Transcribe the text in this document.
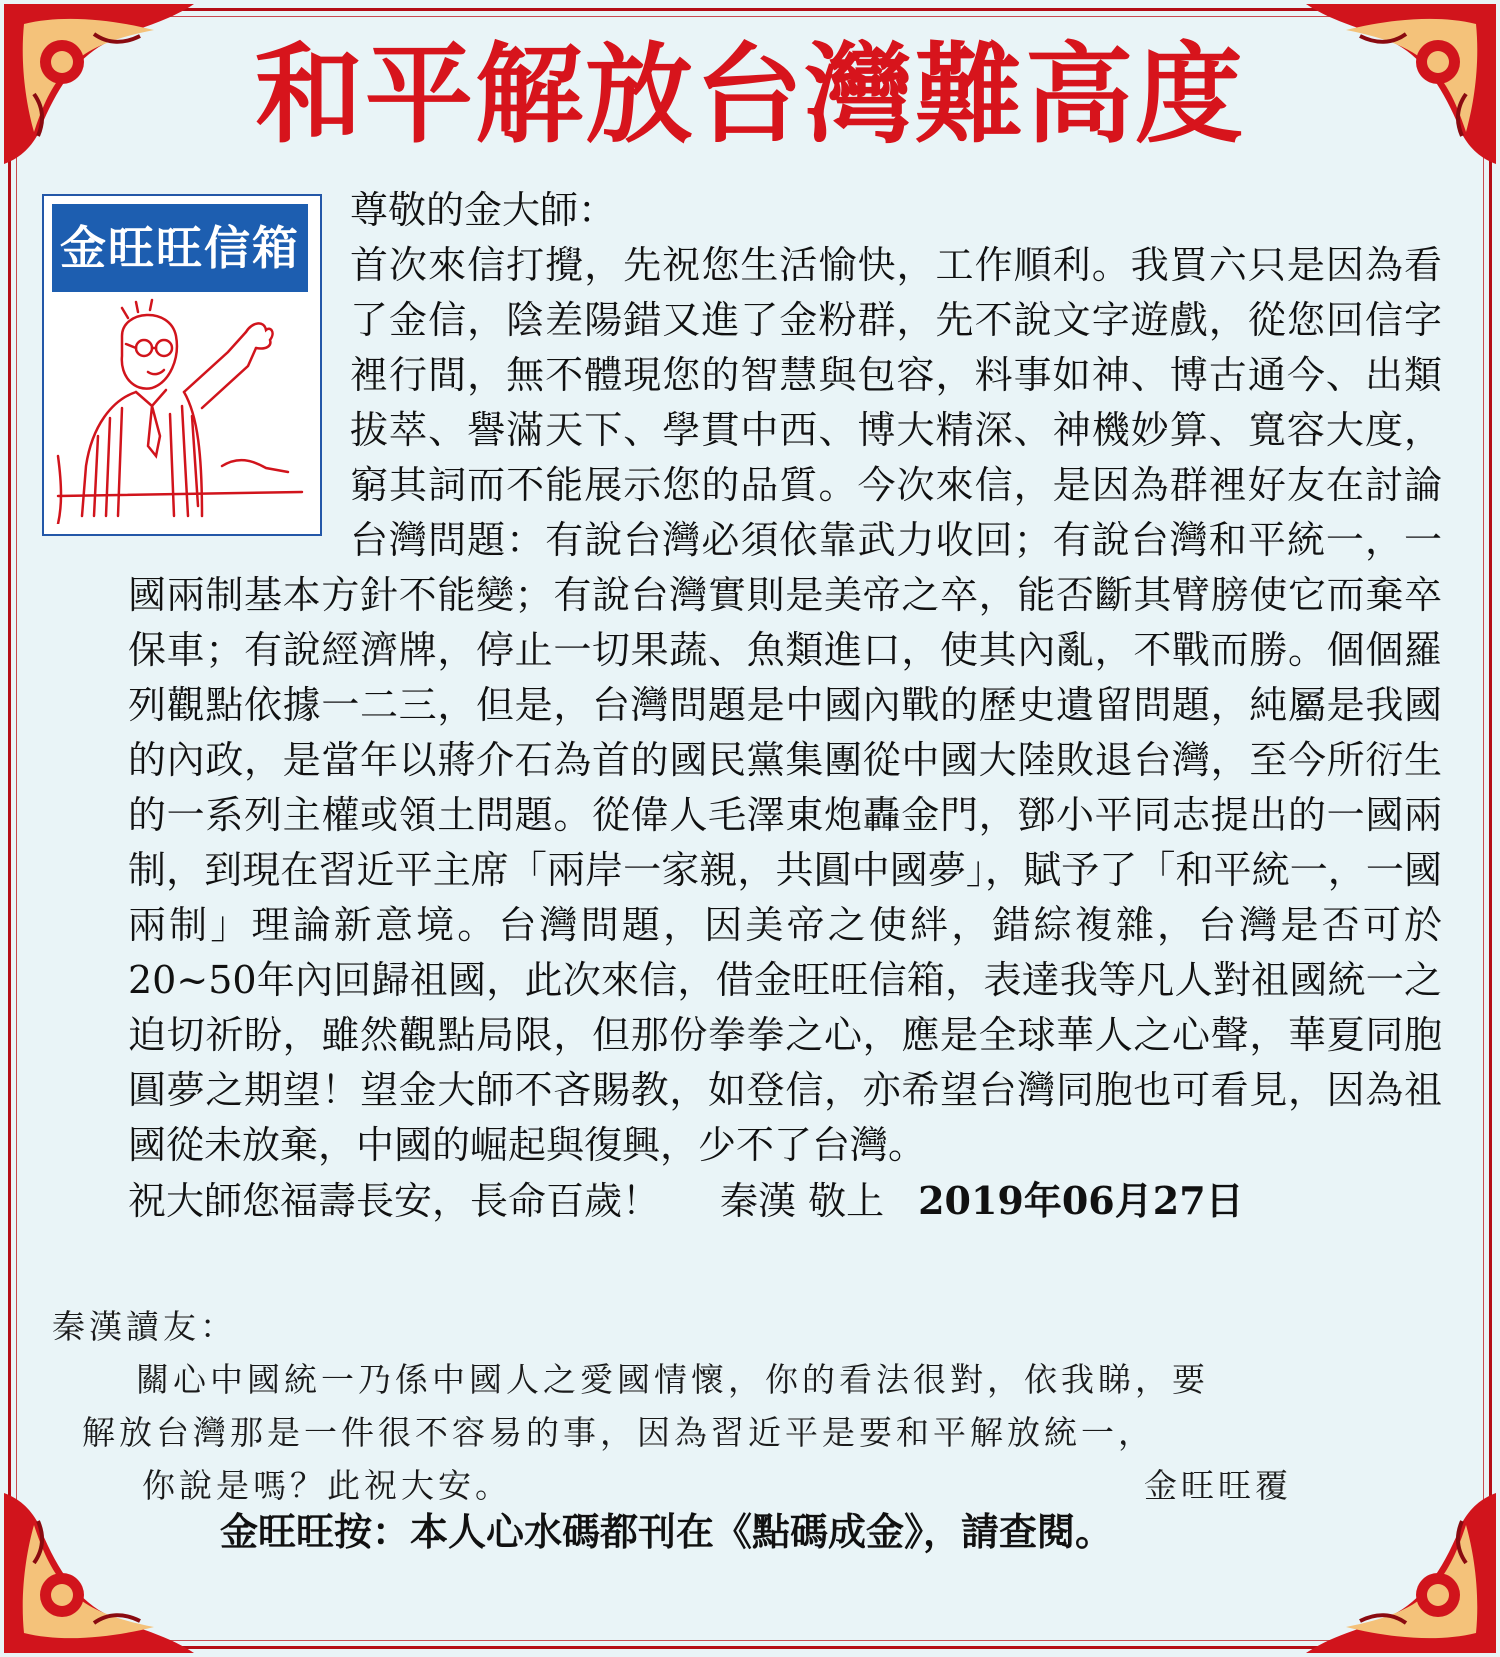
和平解放台灣難高度
金旺旺信箱

尊敬的金大師：

首次來信打攪，先祝您生活愉快，工作順利。我買六只是因為看了金信，陰差陽錯又進了金粉群，先不說文字遊戲，從您回信字裡行間，無不體現您的智慧與包容，料事如神、博古通今、出類拔萃、譽滿天下、學貫中西、博大精深、神機妙算、寬容大度，窮其詞而不能展示您的品質。今次來信，是因為群裡好友在討論台灣問題：有說台灣必須依靠武力收回；有說台灣和平統一，一國兩制基本方針不能變；有說台灣實則是美帝之卒，能否斷其臂膀使它而棄卒保車；有說經濟牌，停止一切果蔬、魚類進口，使其內亂，不戰而勝。個個羅列觀點依據一二三，但是，台灣問題是中國內戰的歷史遺留問題，純屬是我國的內政，是當年以蔣介石為首的國民黨集團從中國大陸敗退台灣，至今所衍生的一系列主權或領土問題。從偉人毛澤東炮轟金門，鄧小平同志提出的一國兩制，到現在習近平主席「兩岸一家親，共圓中國夢」，賦予了「和平統一，一國兩制」理論新意境。台灣問題，因美帝之使絆，錯綜複雜，台灣是否可於20~50年內回歸祖國，此次來信，借金旺旺信箱，表達我等凡人對祖國統一之迫切祈盼，雖然觀點局限，但那份拳拳之心，應是全球華人之心聲，華夏同胞圓夢之期望！望金大師不吝賜教，如登信，亦希望台灣同胞也可看見，因為祖國從未放棄，中國的崛起與復興，少不了台灣。

祝大師您福壽長安，長命百歲！ 秦漢 敬上 2019年06月27日

秦漢讀友：

關心中國統一乃係中國人之愛國情懷，你的看法很對，依我睇，要

解放台灣那是一件很不容易的事，因為習近平是要和平解放統一，

你說是嗎？此祝大安。	金旺旺覆

金旺旺按：本人心水碼都刊在《點碼成金》，請查閱。
